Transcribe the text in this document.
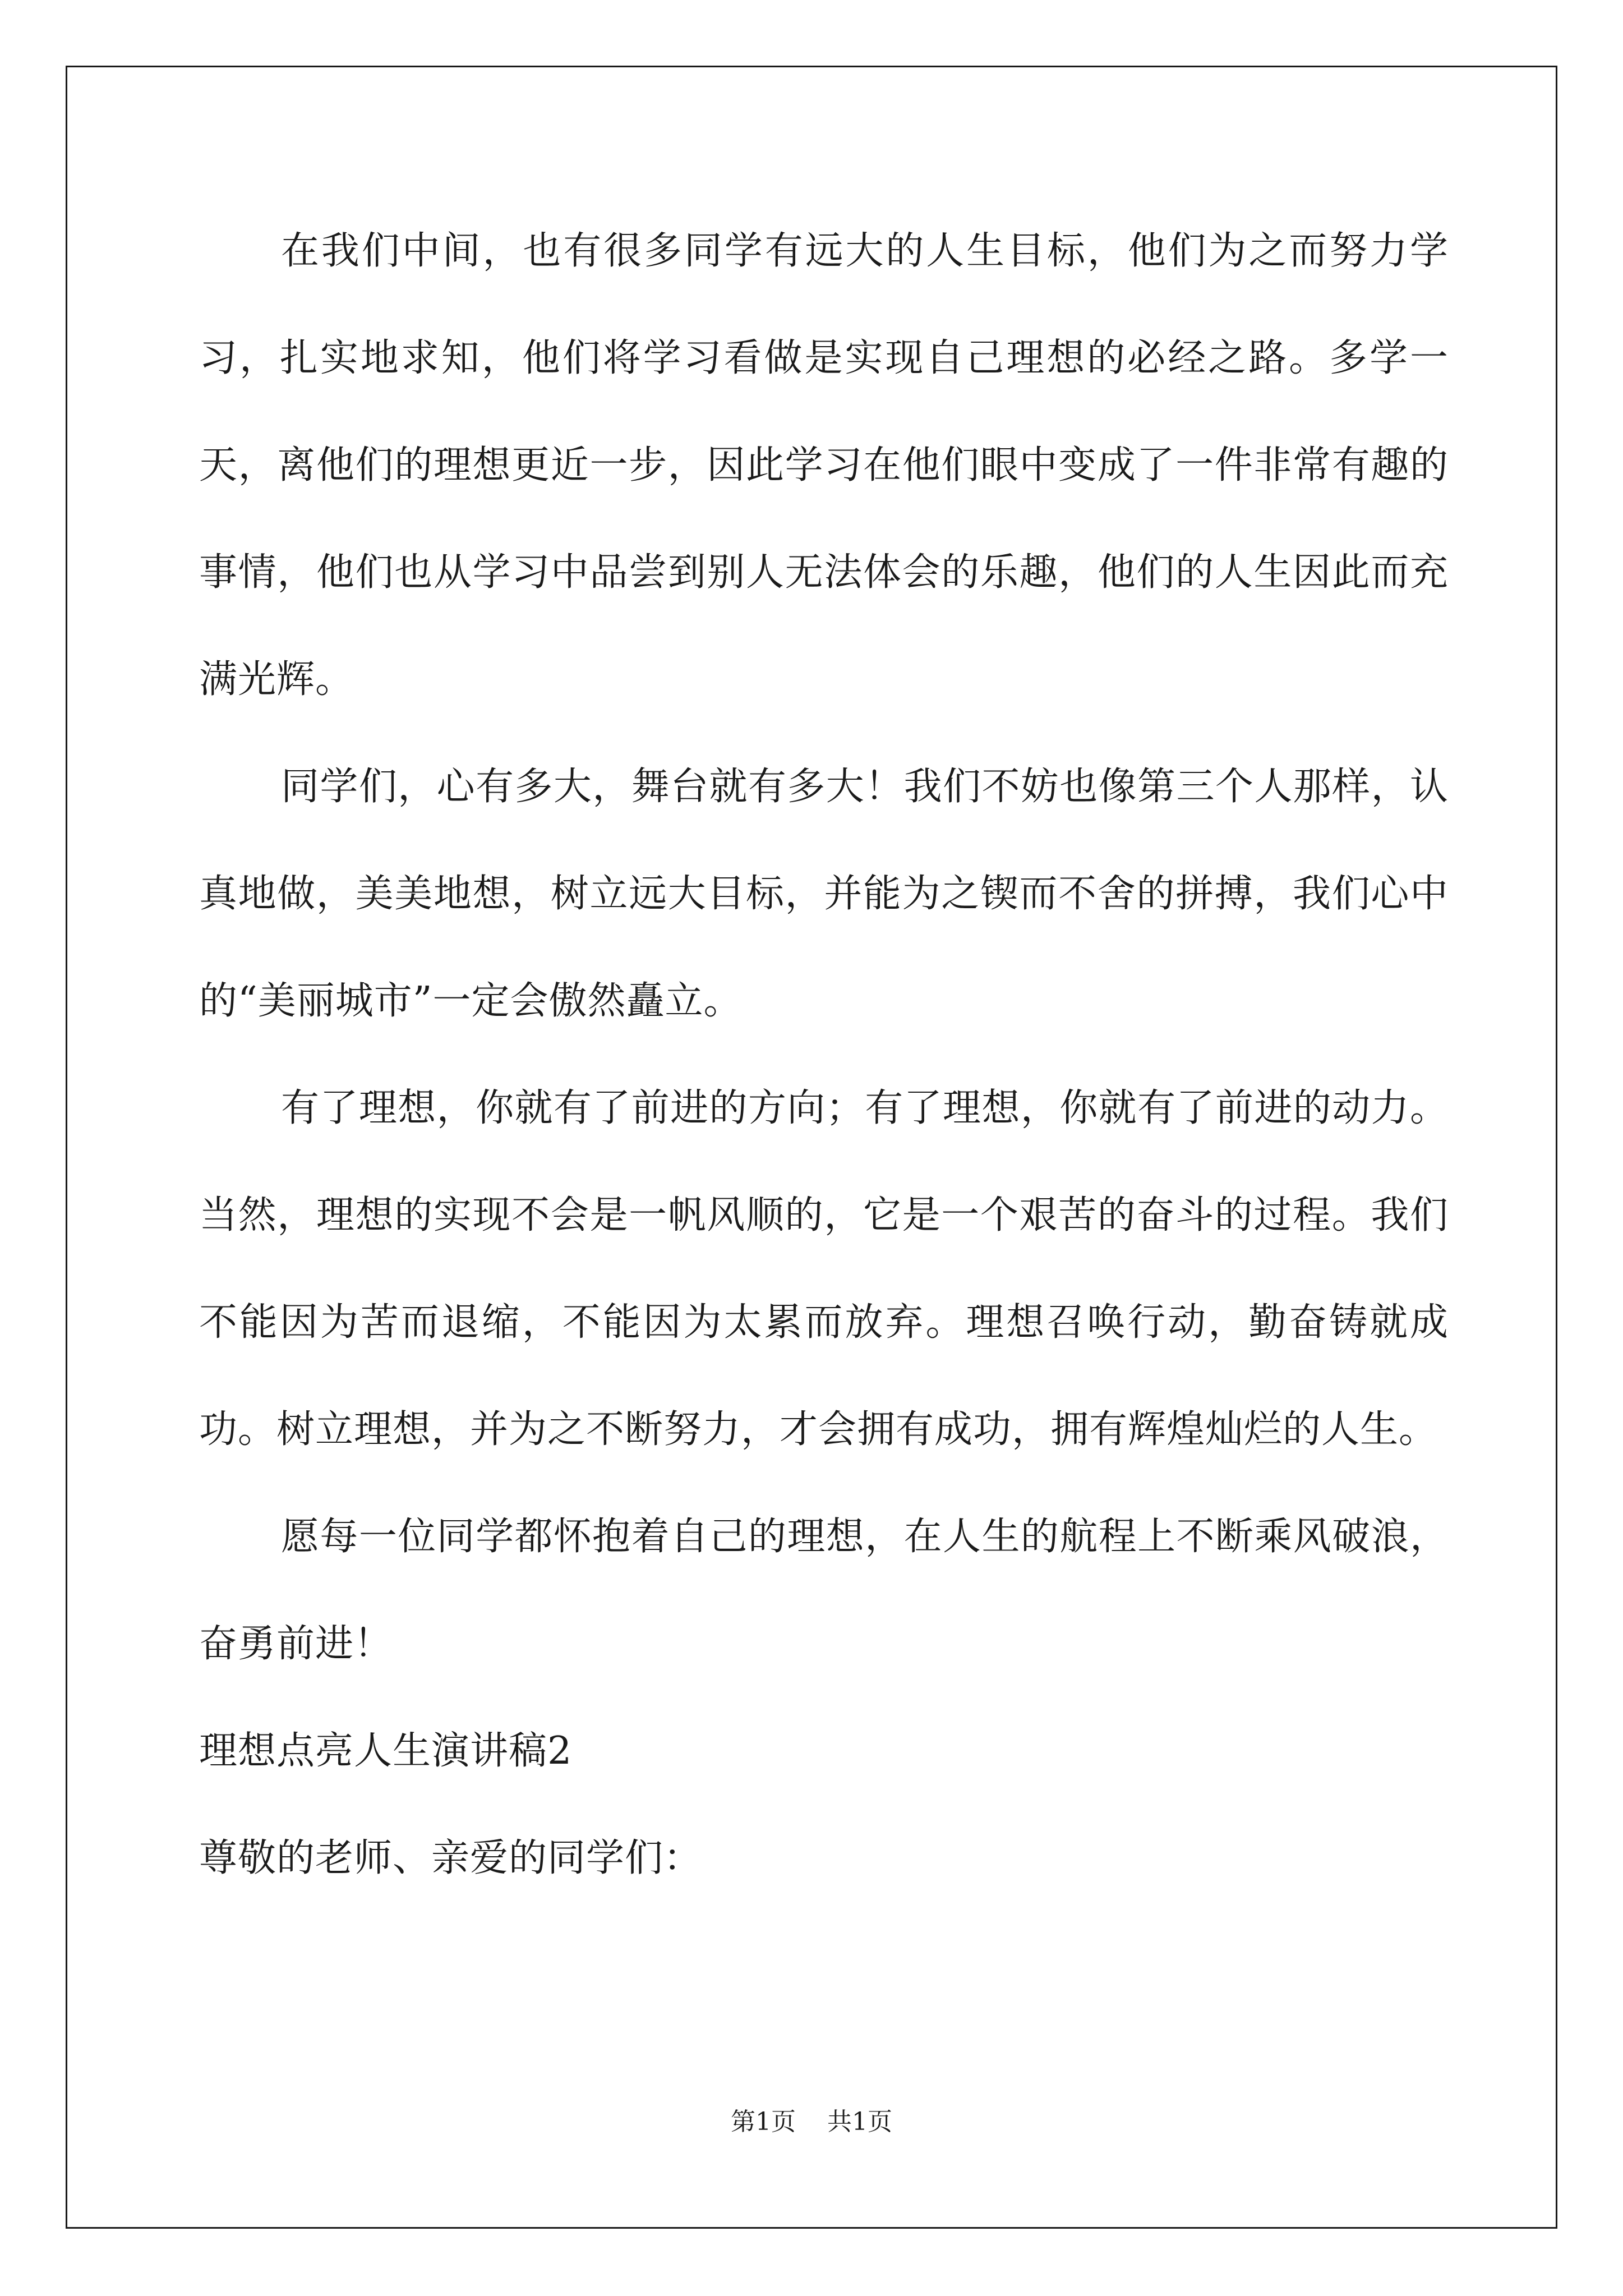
在我们中间，也有很多同学有远大的人生目标，他们为之而努力学习，扎实地求知，他们将学习看做是实现自己理想的必经之路。多学一天，离他们的理想更近一步，因此学习在他们眼中变成了一件非常有趣的事情，他们也从学习中品尝到别人无法体会的乐趣，他们的人生因此而充满光辉。

同学们，心有多大，舞台就有多大！我们不妨也像第三个人那样，认真地做，美美地想，树立远大目标，并能为之锲而不舍的拼搏，我们心中的“美丽城市”一定会傲然矗立。

有了理想，你就有了前进的方向；有了理想，你就有了前进的动力。当然，理想的实现不会是一帆风顺的，它是一个艰苦的奋斗的过程。我们不能因为苦而退缩，不能因为太累而放弃。理想召唤行动，勤奋铸就成功。树立理想，并为之不断努力，才会拥有成功，拥有辉煌灿烂的人生。

愿每一位同学都怀抱着自己的理想，在人生的航程上不断乘风破浪，奋勇前进！

理想点亮人生演讲稿2

尊敬的老师、亲爱的同学们：

第1页 共1页
